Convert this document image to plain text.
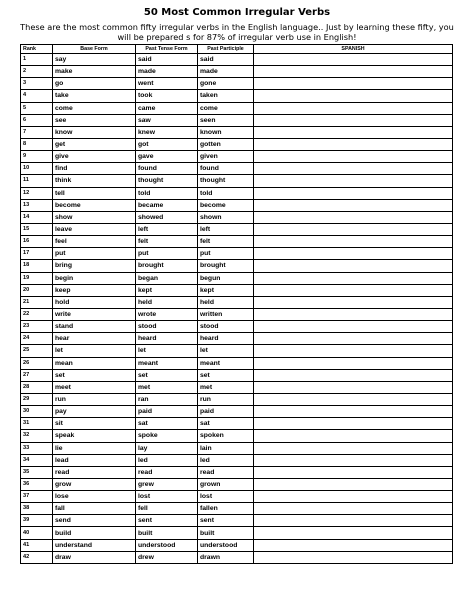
50 Most Common Irregular Verbs
These are the most common fifty irregular verbs in the English language.. Just by learning these fifty, you will be prepared s for 87% of irregular verb use in English!
Rank	Base Form	Past Tense Form	Past Participle	SPANISH
1	say	said	said	
2	make	made	made	
3	go	went	gone	
4	take	took	taken	
5	come	came	come	
6	see	saw	seen	
7	know	knew	known	
8	get	got	gotten	
9	give	gave	given	
10	find	found	found	
11	think	thought	thought	
12	tell	told	told	
13	become	became	become	
14	show	showed	shown	
15	leave	left	left	
16	feel	felt	felt	
17	put	put	put	
18	bring	brought	brought	
19	begin	began	begun	
20	keep	kept	kept	
21	hold	held	held	
22	write	wrote	written	
23	stand	stood	stood	
24	hear	heard	heard	
25	let	let	let	
26	mean	meant	meant	
27	set	set	set	
28	meet	met	met	
29	run	ran	run	
30	pay	paid	paid	
31	sit	sat	sat	
32	speak	spoke	spoken	
33	lie	lay	lain	
34	lead	led	led	
35	read	read	read	
36	grow	grew	grown	
37	lose	lost	lost	
38	fall	fell	fallen	
39	send	sent	sent	
40	build	built	built	
41	understand	understood	understood	
42	draw	drew	drawn	
